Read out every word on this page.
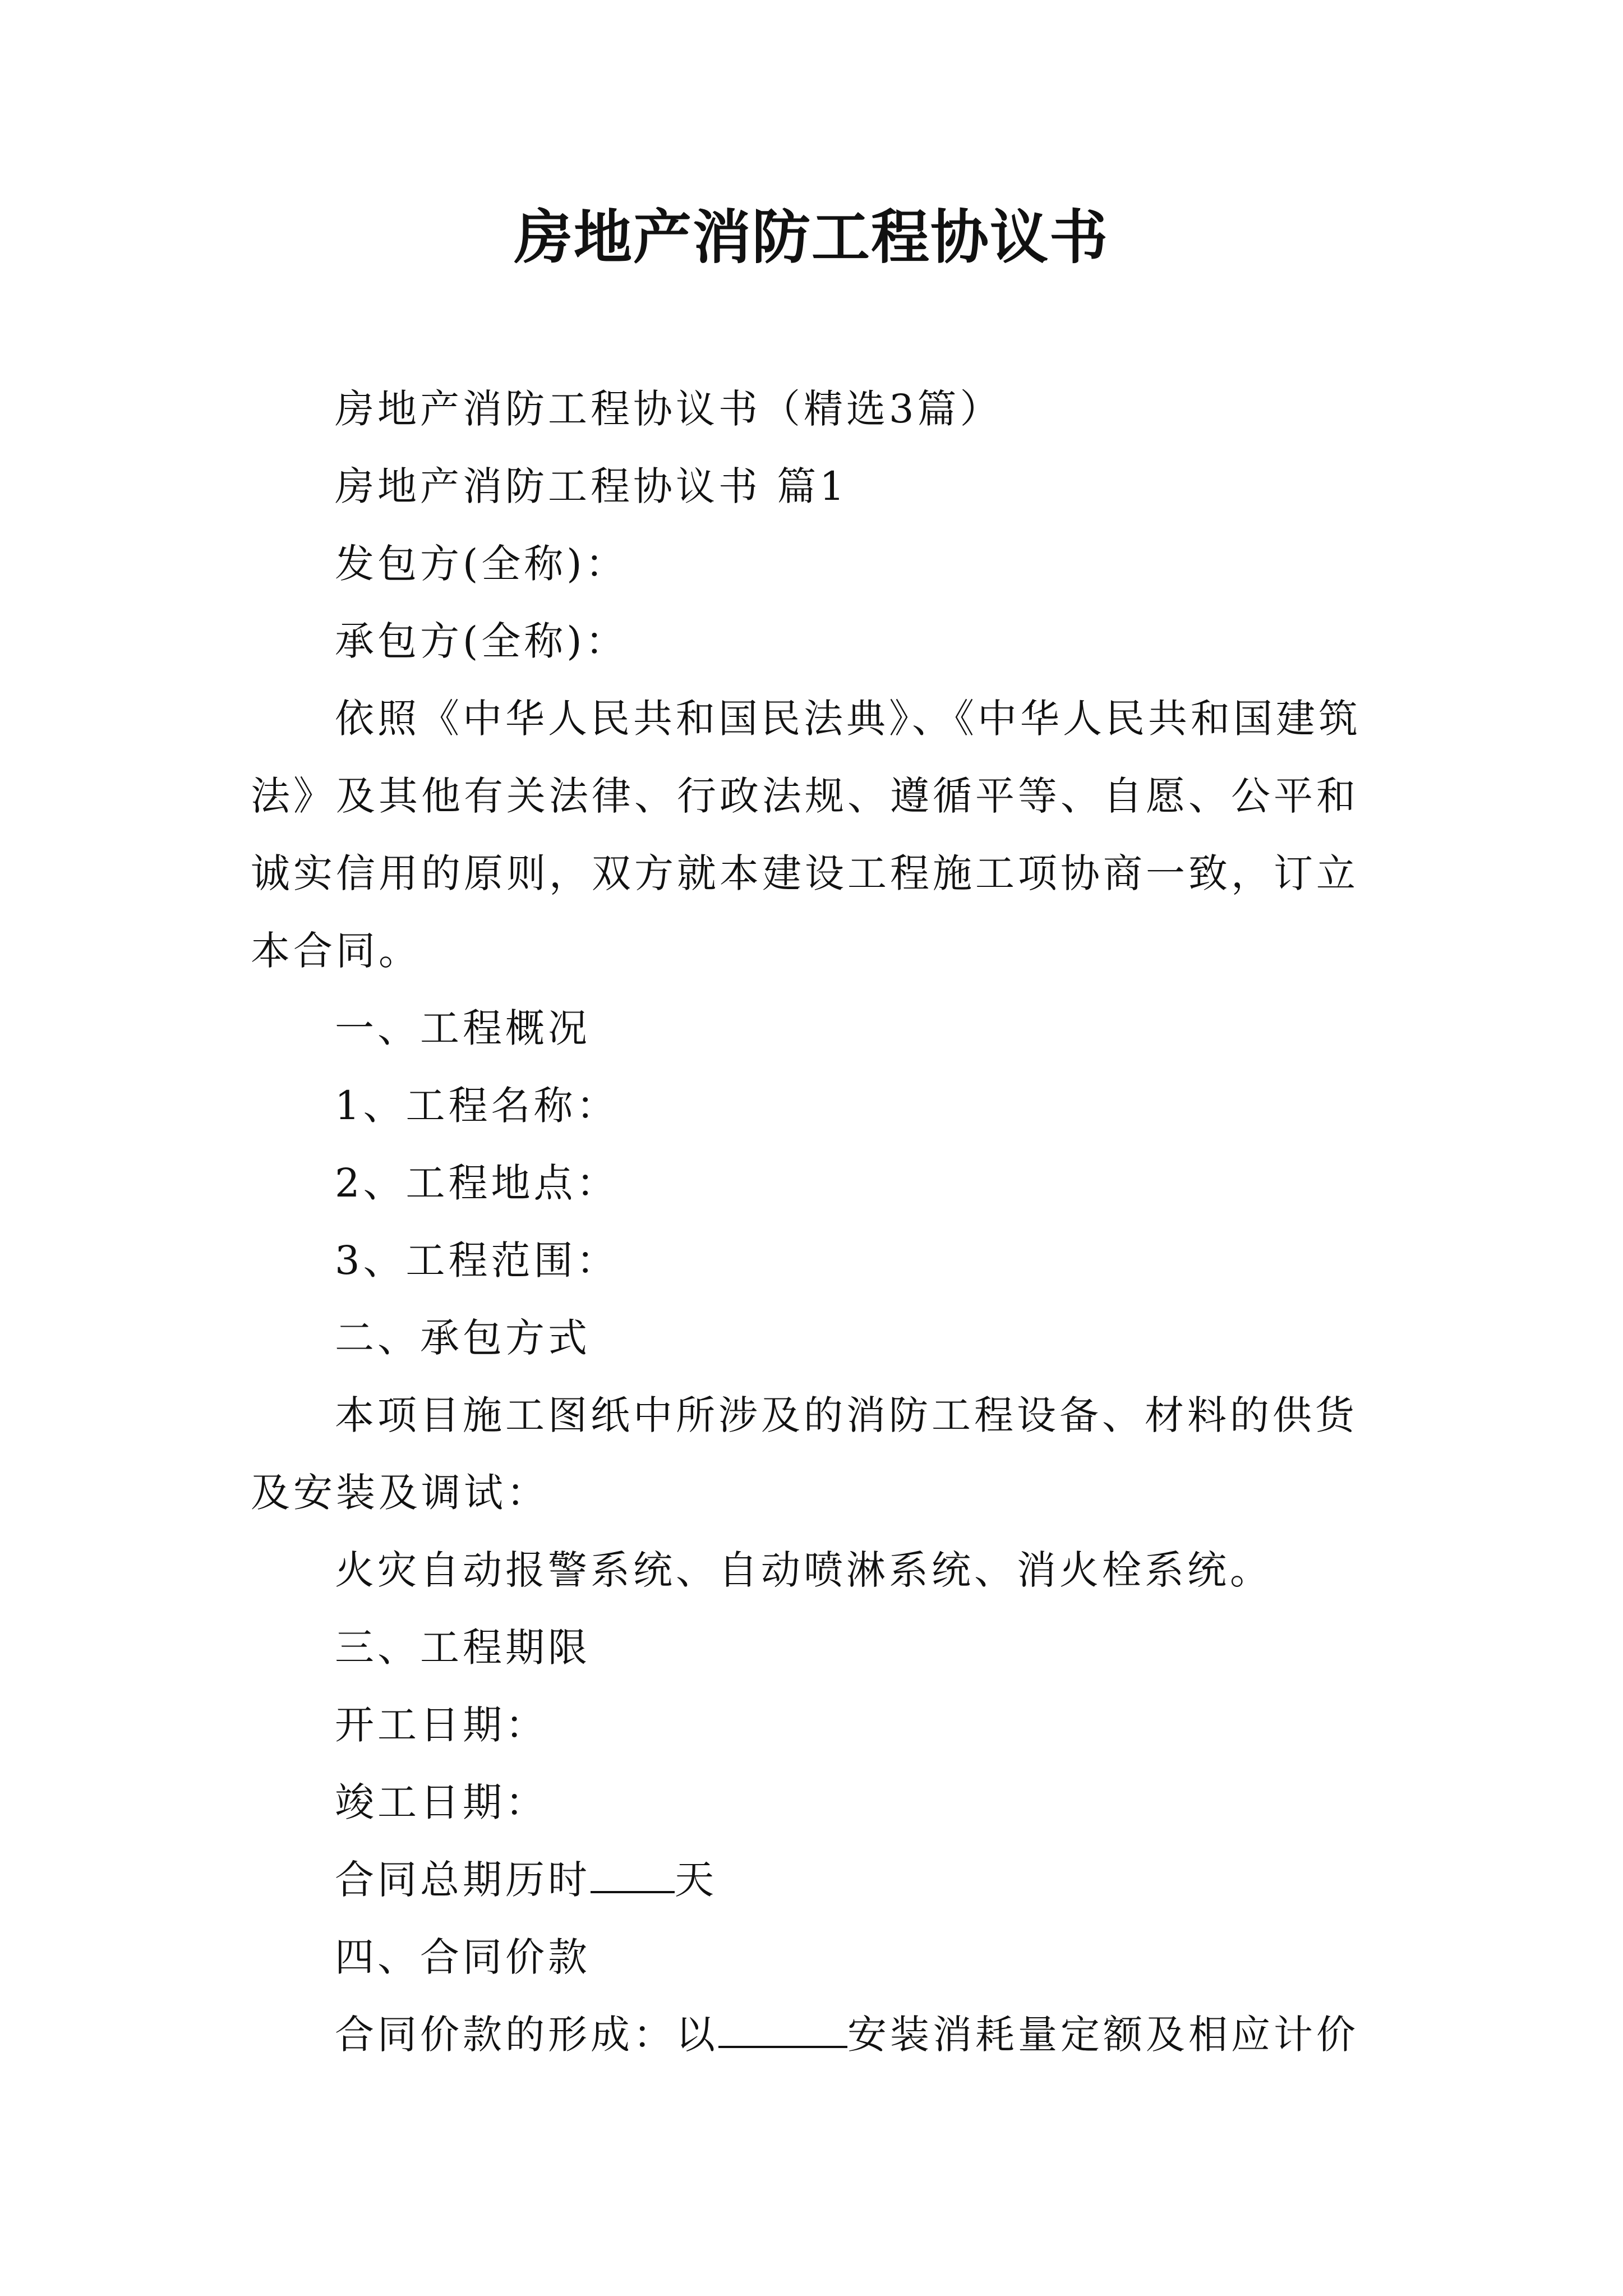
房地产消防工程协议书

房地产消防工程协议书（精选3篇）

房地产消防工程协议书 篇1

发包方(全称)：

承包方(全称)：

依照《中华人民共和国民法典》、《中华人民共和国建筑法》及其他有关法律、行政法规、遵循平等、自愿、公平和诚实信用的原则，双方就本建设工程施工项协商一致，订立本合同。

一、工程概况

1、工程名称：

2、工程地点：

3、工程范围：

二、承包方式

本项目施工图纸中所涉及的消防工程设备、材料的供货及安装及调试：

火灾自动报警系统、自动喷淋系统、消火栓系统。

三、工程期限

开工日期：

竣工日期：

合同总期历时 天

四、合同价款

合同价款的形成：以	安装消耗量定额及相应计价
